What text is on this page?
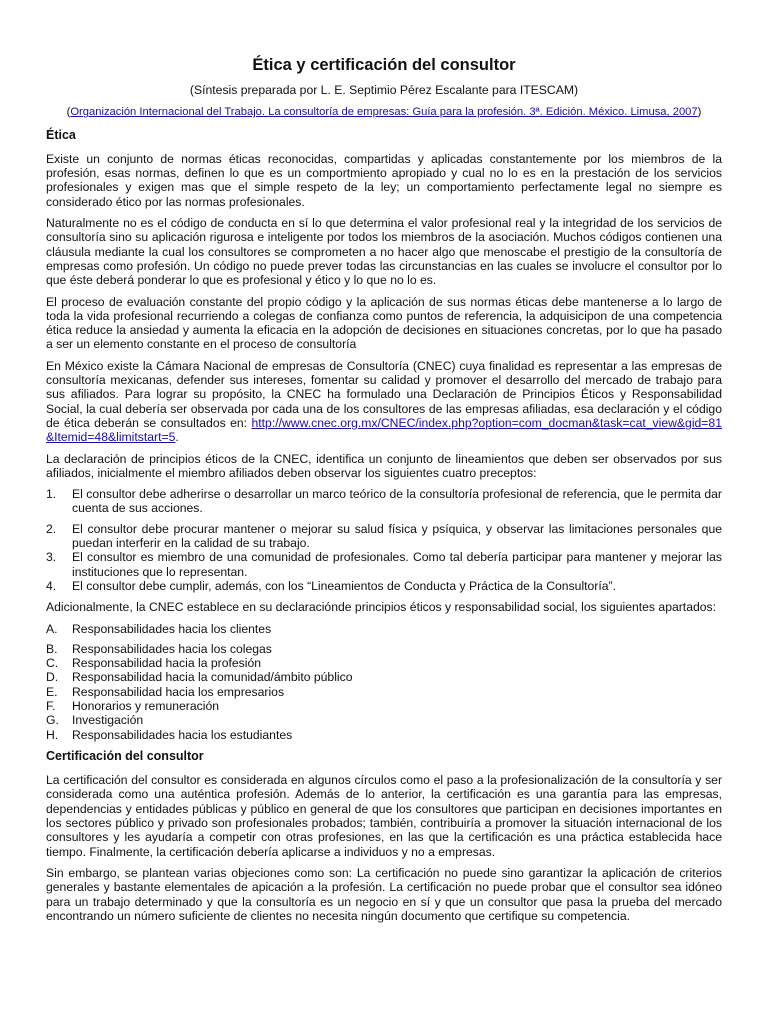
Ética y certificación del consultor
(Síntesis preparada por L. E. Septimio Pérez Escalante para ITESCAM)
(Organización Internacional del Trabajo. La consultoría de empresas: Guía para la profesión. 3ª. Edición. México. Limusa, 2007)
Ética

Existe un conjunto de normas éticas reconocidas, compartidas y aplicadas constantemente por los miembros de la profesión, esas normas, definen lo que es un comportmiento apropiado y cual no lo es en la prestación de los servicios profesionales y exigen mas que el simple respeto de la ley; un comportamiento perfectamente legal no siempre es considerado ético por las normas profesionales.

Naturalmente no es el código de conducta en sí lo que determina el valor profesional real y la integridad de los servicios de consultoría sino su aplicación rigurosa e inteligente por todos los miembros de la asociación. Muchos códigos contienen una cláusula mediante la cual los consultores se comprometen a no hacer algo que menoscabe el prestigio de la consultoría de empresas como profesión. Un código no puede prever todas las circunstancias en las cuales se involucre el consultor por lo que éste deberá ponderar lo que es profesional y ético y lo que no lo es.

El proceso de evaluación constante del propio código y la aplicación de sus normas éticas debe mantenerse a lo largo de toda la vida profesional recurriendo a colegas de confianza como puntos de referencia, la adquisicipon de una competencia ética reduce la ansiedad y aumenta la eficacia en la adopción de decisiones en situaciones concretas, por lo que ha pasado a ser un elemento constante en el proceso de consultoría

En México existe la Cámara Nacional de empresas de Consultoría (CNEC) cuya finalidad es representar a las empresas de consultoría mexicanas, defender sus intereses, fomentar su calidad y promover el desarrollo del mercado de trabajo para sus afiliados. Para lograr su propósito, la CNEC ha formulado una Declaración de Principios Éticos y Responsabilidad Social, la cual debería ser observada por cada una de los consultores de las empresas afiliadas, esa declaración y el código de ética deberán se consultados en: http://www.cnec.org.mx/CNEC/index.php?option=com_docman&task=cat_view&gid=81&Itemid=48&limitstart=5.

La declaración de principios éticos de la CNEC, identifica un conjunto de lineamientos que deben ser observados por sus afiliados, inicialmente el miembro afiliados deben observar los siguientes cuatro preceptos:

1. El consultor debe adherirse o desarrollar un marco teórico de la consultoría profesional de referencia, que le permita dar cuenta de sus acciones.
2. El consultor debe procurar mantener o mejorar su salud física y psíquica, y observar las limitaciones personales que puedan interferir en la calidad de su trabajo.
3. El consultor es miembro de una comunidad de profesionales. Como tal debería participar para mantener y mejorar las instituciones que lo representan.
4. El consultor debe cumplir, además, con los “Lineamientos de Conducta y Práctica de la Consultoría”.

Adicionalmente, la CNEC establece en su declaraciónde principios éticos y responsabilidad social, los siguientes apartados:

A. Responsabilidades hacia los clientes
B. Responsabilidades hacia los colegas
C. Responsabilidad hacia la profesión
D. Responsabilidad hacia la comunidad/ámbito público
E. Responsabilidad hacia los empresarios
F. Honorarios y remuneración
G. Investigación
H. Responsabilidades hacia los estudiantes
Certificación del consultor

La certificación del consultor es considerada en algunos círculos como el paso a la profesionalización de la consultoría y ser considerada como una auténtica profesión. Además de lo anterior, la certificación es una garantía para las empresas, dependencias y entidades públicas y público en general de que los consultores que participan en decisiones importantes en los sectores público y privado son profesionales probados; también, contribuiría a promover la situación internacional de los consultores y les ayudaría a competir con otras profesiones, en las que la certificación es una práctica establecida hace tiempo. Finalmente, la certificación debería aplicarse a individuos y no a empresas.

Sin embargo, se plantean varias objeciones como son: La certificación no puede sino garantizar la aplicación de criterios generales y bastante elementales de apicación a la profesión. La certificación no puede probar que el consultor sea idóneo para un trabajo determinado y que la consultoría es un negocio en sí y que un consultor que pasa la prueba del mercado encontrando un número suficiente de clientes no necesita ningún documento que certifique su competencia.
